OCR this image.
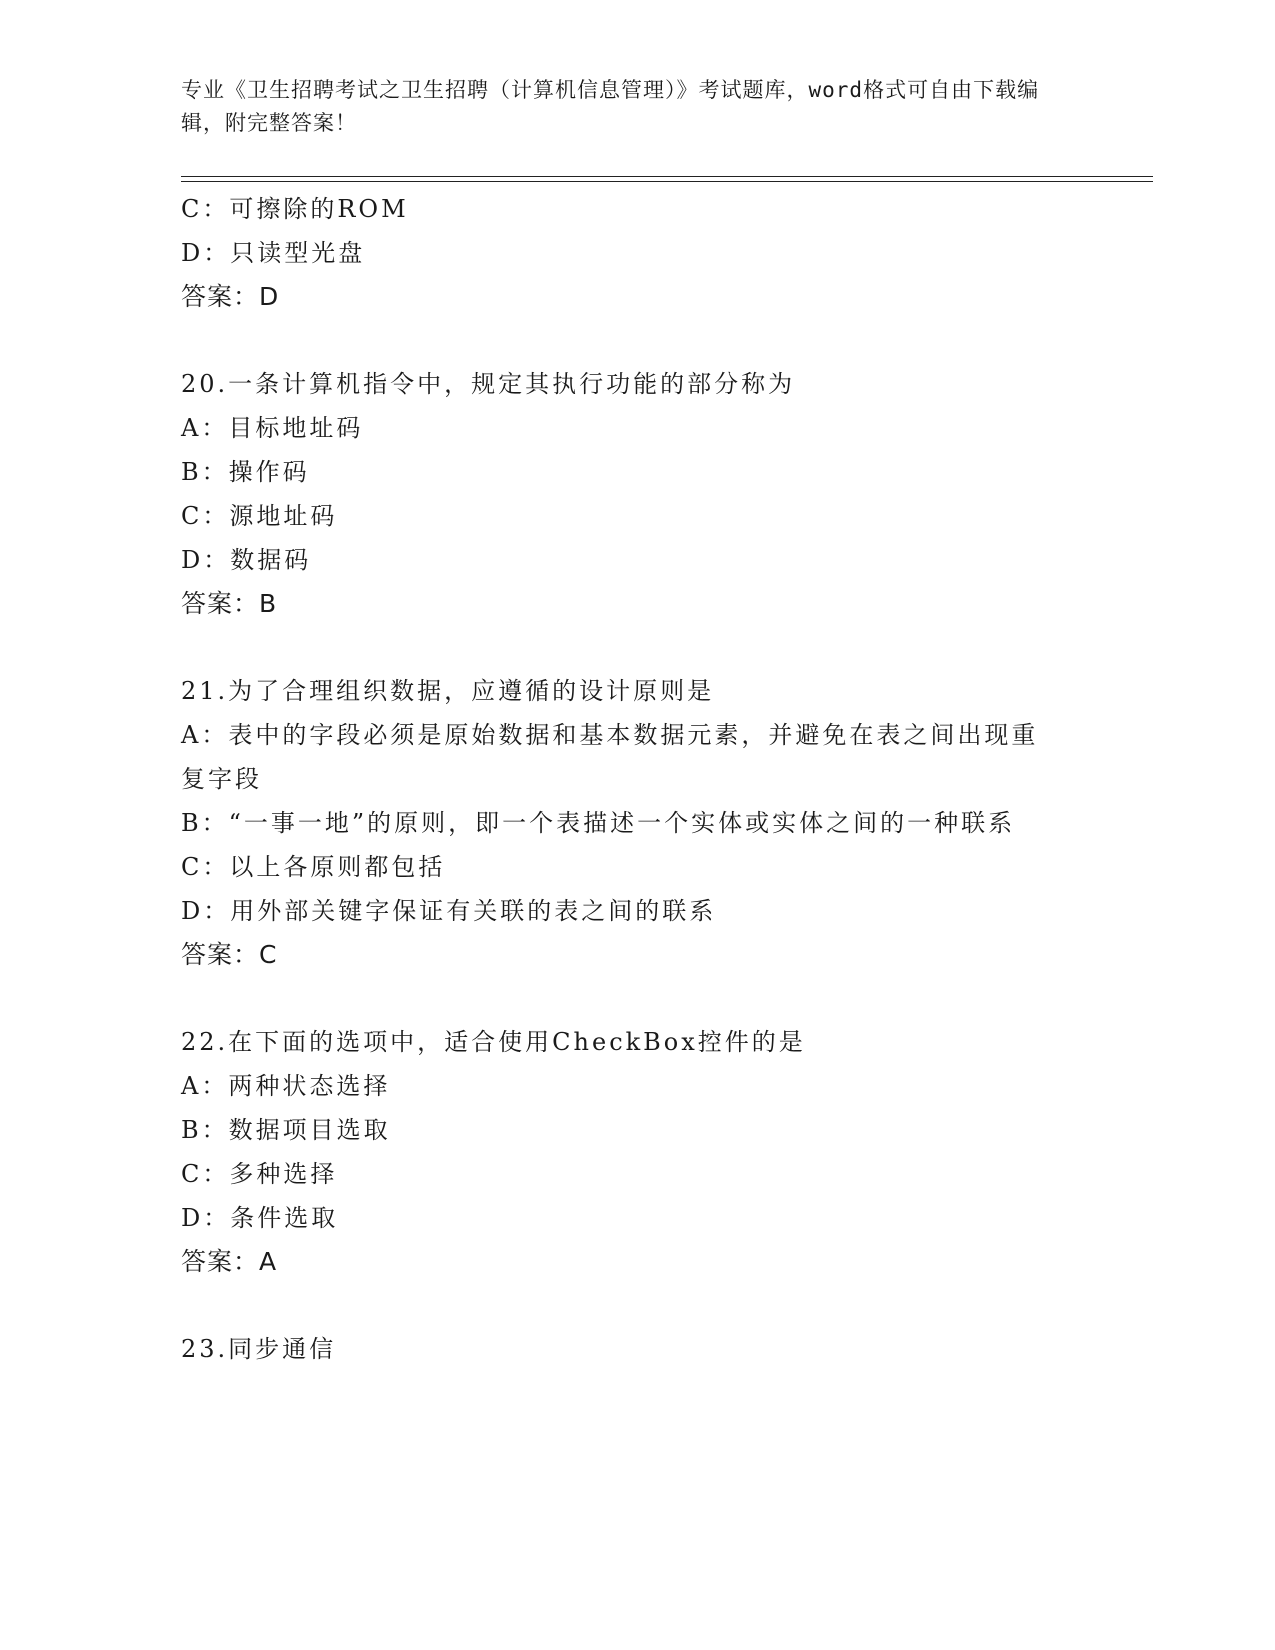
专业《卫生招聘考试之卫生招聘（计算机信息管理）》考试题库，word格式可自由下载编辑，附完整答案！
C：可擦除的ROM
D：只读型光盘
答案：D
20.一条计算机指令中，规定其执行功能的部分称为
A：目标地址码
B：操作码
C：源地址码
D：数据码
答案：B
21.为了合理组织数据，应遵循的设计原则是
A：表中的字段必须是原始数据和基本数据元素，并避免在表之间出现重复字段
B：“一事一地”的原则，即一个表描述一个实体或实体之间的一种联系
C：以上各原则都包括
D：用外部关键字保证有关联的表之间的联系
答案：C
22.在下面的选项中，适合使用CheckBox控件的是
A：两种状态选择
B：数据项目选取
C：多种选择
D：条件选取
答案：A
23.同步通信
